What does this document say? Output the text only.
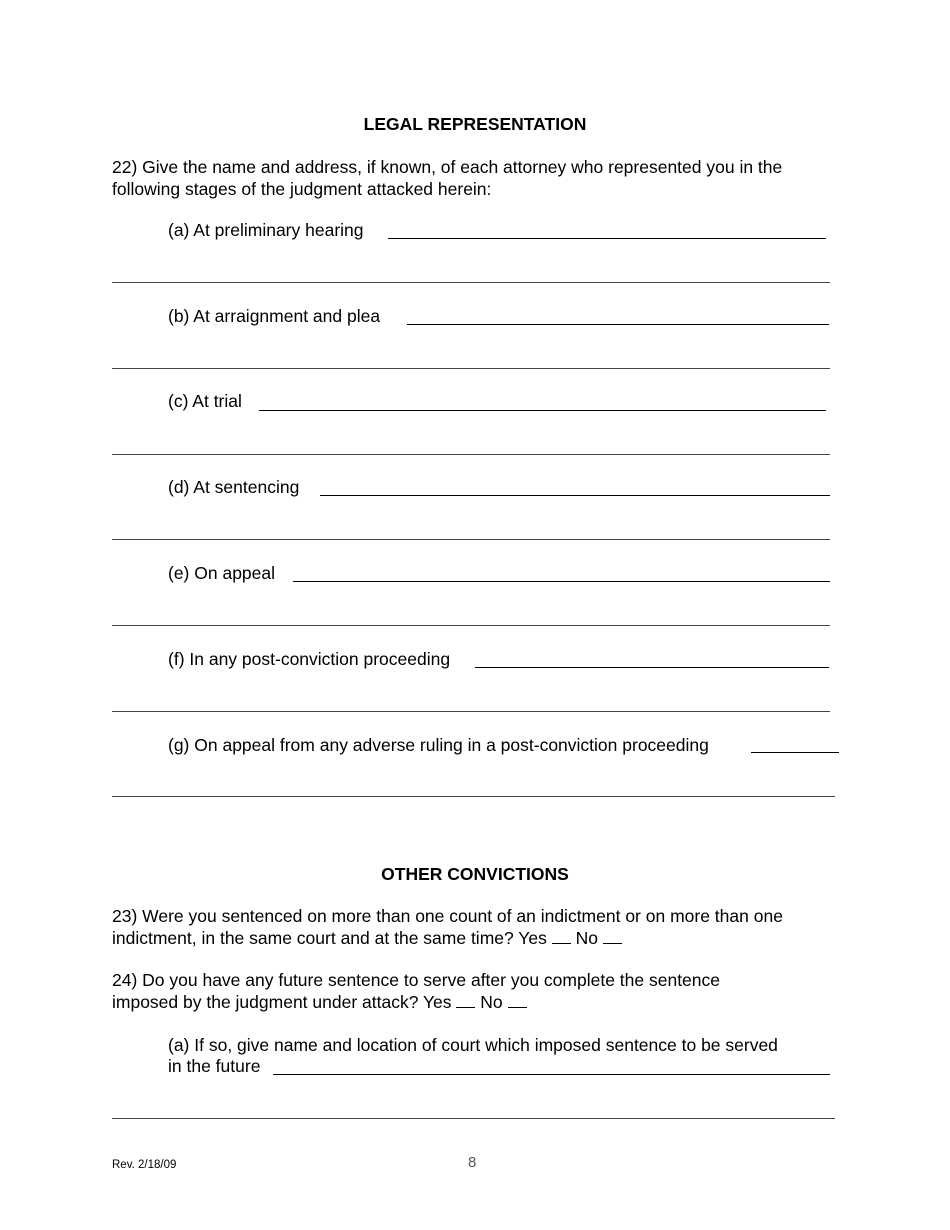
LEGAL REPRESENTATION
22) Give the name and address, if known, of each attorney who represented you in the following stages of the judgment attacked herein:
(a) At preliminary hearing
(b) At arraignment and plea
(c) At trial
(d) At sentencing
(e) On appeal
(f) In any post-conviction proceeding
(g) On appeal from any adverse ruling in a post-conviction proceeding
OTHER CONVICTIONS
23) Were you sentenced on more than one count of an indictment or on more than one
indictment, in the same court and at the same time? Yes No
24) Do you have any future sentence to serve after you complete the sentence
imposed by the judgment under attack? Yes No
(a) If so, give name and location of court which imposed sentence to be served
in the future
Rev. 2/18/09	8
